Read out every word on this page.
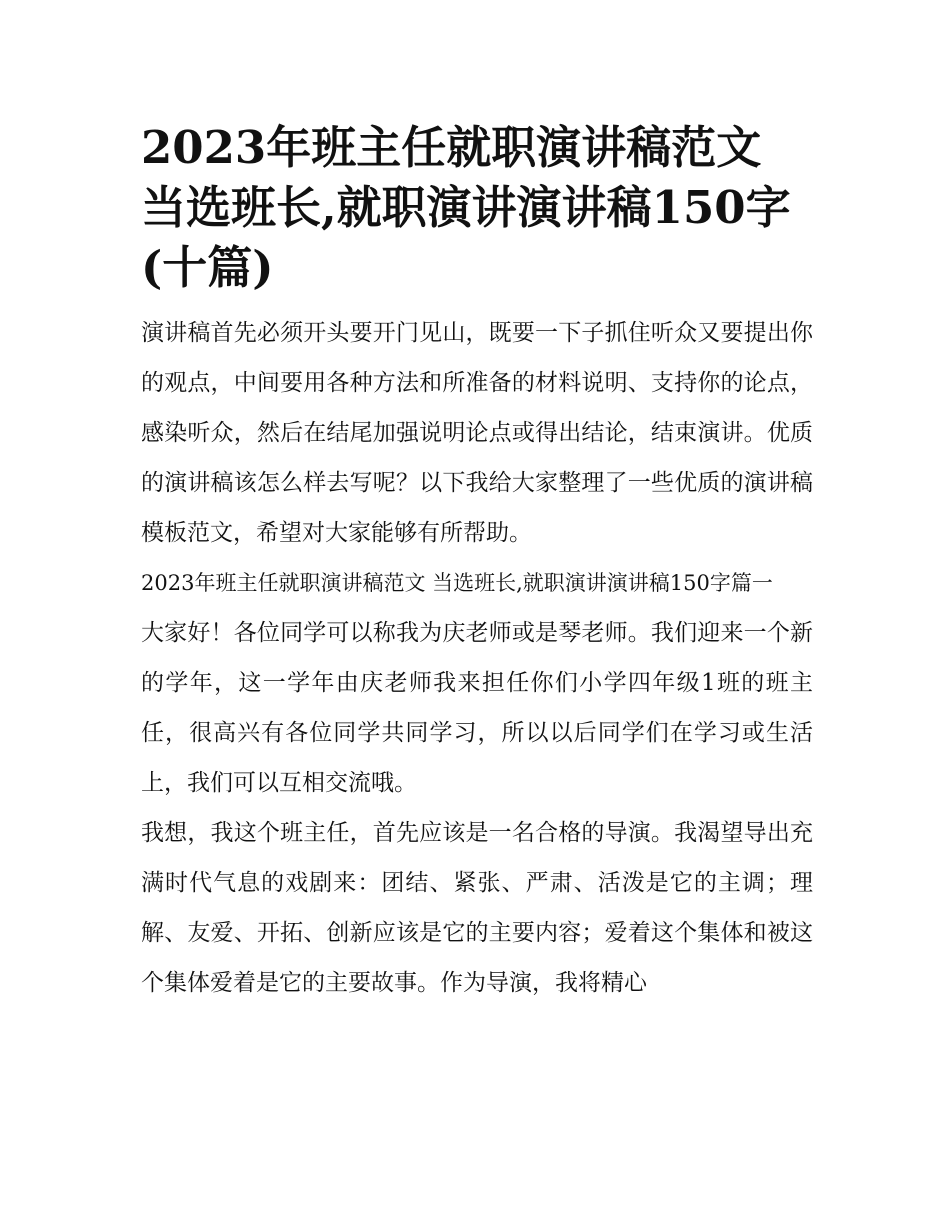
2023年班主任就职演讲稿范文 当选班长,就职演讲演讲稿150字(十篇)

演讲稿首先必须开头要开门见山，既要一下子抓住听众又要提出你的观点，中间要用各种方法和所准备的材料说明、支持你的论点，感染听众，然后在结尾加强说明论点或得出结论，结束演讲。优质的演讲稿该怎么样去写呢？以下我给大家整理了一些优质的演讲稿模板范文，希望对大家能够有所帮助。

2023年班主任就职演讲稿范文 当选班长,就职演讲演讲稿150字篇一

大家好！各位同学可以称我为庆老师或是琴老师。我们迎来一个新的学年，这一学年由庆老师我来担任你们小学四年级1班的班主任，很高兴有各位同学共同学习，所以以后同学们在学习或生活上，我们可以互相交流哦。

我想，我这个班主任，首先应该是一名合格的导演。我渴望导出充满时代气息的戏剧来：团结、紧张、严肃、活泼是它的主调；理解、友爱、开拓、创新应该是它的主要内容；爱着这个集体和被这个集体爱着是它的主要故事。作为导演，我将精心
